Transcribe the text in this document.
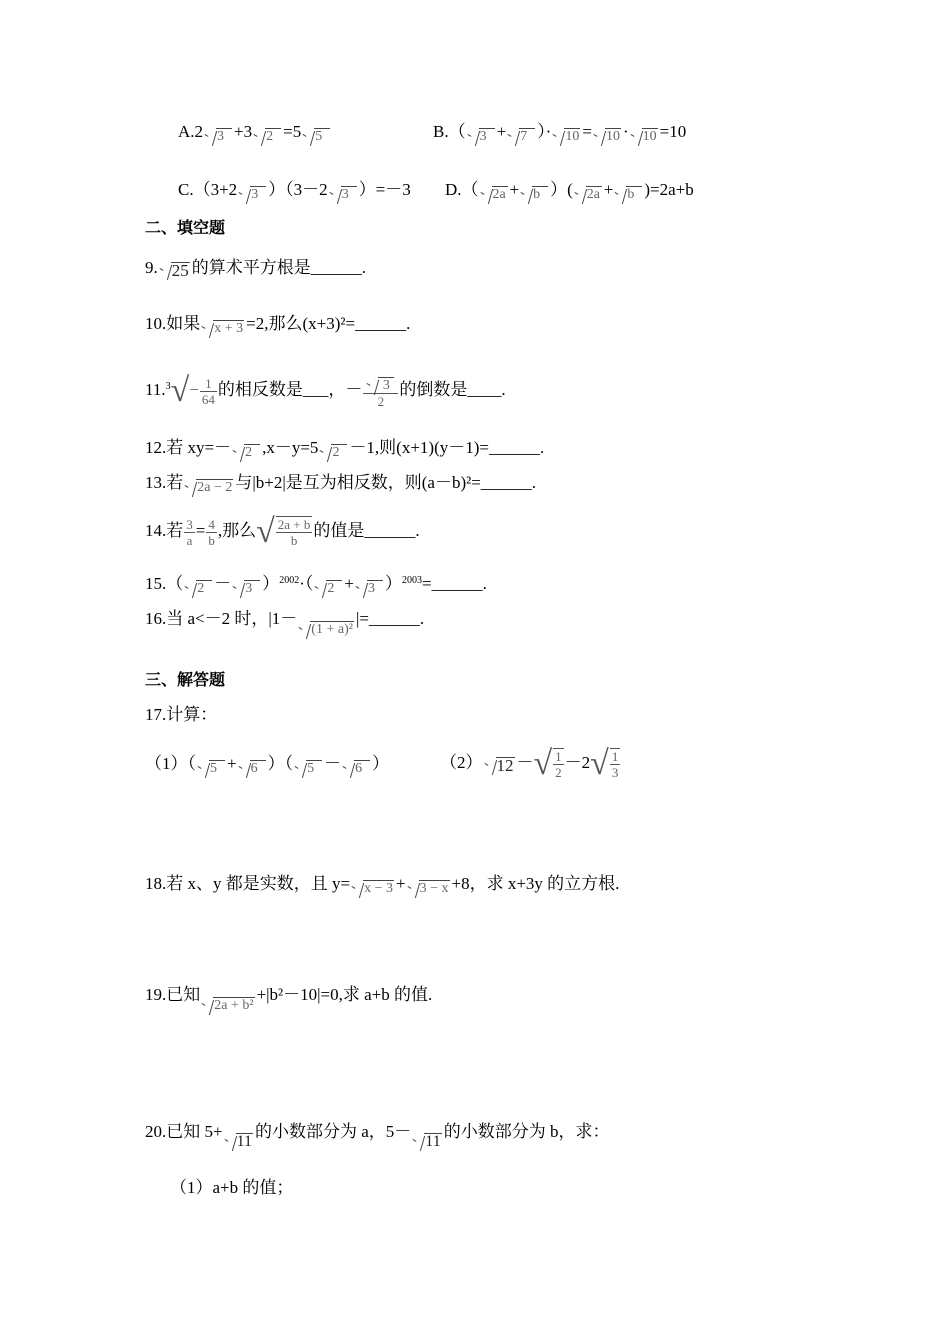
A.2 3 +3 2 =5 5	B.（ 3 + 7 ）· 10 = 10 · 10 =10
C.（3+2 3 ）（3－2 3 ）=－3 D.（ 2a + b ）( 2a + b )=2a+b
二、填空题
9. 25 的算术平方根是______.
10.如果 x + 3 =2,那么(x+3)²=______.
$11.^3√- \frac{1}{64}$ 的相反数是___，－ $\frac{3}{2}$ 的倒数是____.
12.若 xy=－ 2 ,x－y=5 2 －1,则(x+1)(y－1)=______.
13.若 2a − 2 与|b+2|是互为相反数，则(a－b)²=______.
14.若 $\frac{3}{a} = \frac{4}{b}$ ,那么√ $\frac{2a + b}{b}$ 的值是______.
15.（ 2 － 3 ）$^{2002}$·（ 2 + 3 ）$^{2003}$=______.
16.当 a<－2 时，|1－(1 + a)²|=______.
三、解答题
17.计算：
（1）（ 5 + 6 ）（ 5 － 6 ）	（2） 12 －√ $\frac{1}{2} -2√ \frac{1}{3}$
18.若 x、y 都是实数，且 y= x − 3 + 3 − x +8，求 x+3y 的立方根.
19.已知2a + b²+|b²－10|=0,求 a+b 的值.
20.已知 5+11的小数部分为 a，5－11的小数部分为 b，求：
（1）a+b 的值；
